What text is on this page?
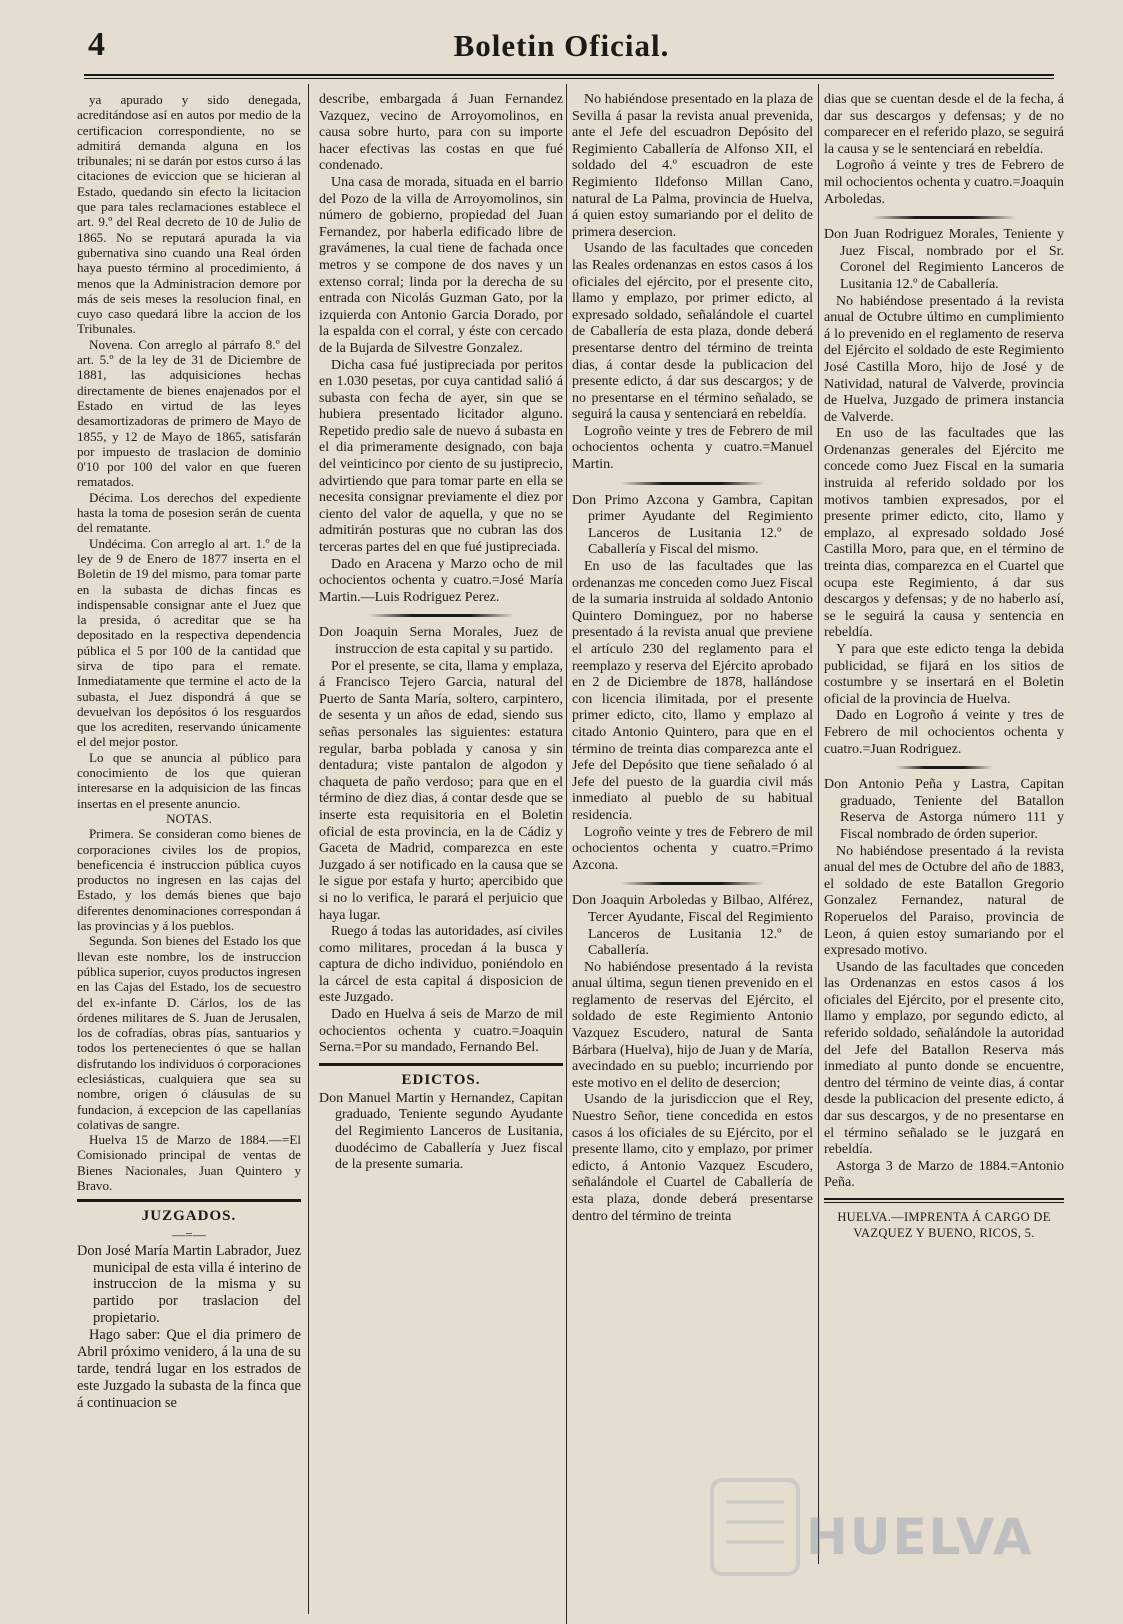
4	Boletin Oficial.

ya apurado y sido denegada, acreditándose así en autos por medio de la certificacion correspondiente, no se admitirá demanda alguna en los tribunales; ni se darán por estos curso á las citaciones de eviccion que se hicieran al Estado, quedando sin efecto la licitacion que para tales reclamaciones establece el art. 9.º del Real decreto de 10 de Julio de 1865. No se reputará apurada la via gubernativa sino cuando una Real órden haya puesto término al procedimiento, á menos que la Administracion demore por más de seis meses la resolucion final, en cuyo caso quedará libre la accion de los Tribunales.

Novena. Con arreglo al párrafo 8.º del art. 5.º de la ley de 31 de Diciembre de 1881, las adquisiciones hechas directamente de bienes enajenados por el Estado en virtud de las leyes desamortizadoras de primero de Mayo de 1855, y 12 de Mayo de 1865, satisfarán por impuesto de traslacion de dominio 0'10 por 100 del valor en que fueren rematados.

Décima. Los derechos del expediente hasta la toma de posesion serán de cuenta del rematante.

Undécima. Con arreglo al art. 1.º de la ley de 9 de Enero de 1877 inserta en el Boletin de 19 del mismo, para tomar parte en la subasta de dichas fincas es indispensable consignar ante el Juez que la presida, ó acreditar que se ha depositado en la respectiva dependencia pública el 5 por 100 de la cantidad que sirva de tipo para el remate. Inmediatamente que termine el acto de la subasta, el Juez dispondrá á que se devuelvan los depósitos ó los resguardos que los acrediten, reservando únicamente el del mejor postor.

Lo que se anuncia al público para conocimiento de los que quieran interesarse en la adquisicion de las fincas insertas en el presente anuncio.

NOTAS.

Primera. Se consideran como bienes de corporaciones civiles los de propios, beneficencia é instruccion pública cuyos productos no ingresen en las cajas del Estado, y los demás bienes que bajo diferentes denominaciones correspondan á las provincias y á los pueblos.

Segunda. Son bienes del Estado los que llevan este nombre, los de instruccion pública superior, cuyos productos ingresen en las Cajas del Estado, los de secuestro del ex-infante D. Cárlos, los de las órdenes militares de S. Juan de Jerusalen, los de cofradías, obras pías, santuarios y todos los pertenecientes ó que se hallan disfrutando los individuos ó corporaciones eclesiásticas, cualquiera que sea su nombre, origen ó cláusulas de su fundacion, á excepcion de las capellanías colativas de sangre.

Huelva 15 de Marzo de 1884.—=El Comisionado principal de ventas de Bienes Nacionales, Juan Quintero y Bravo.

JUZGADOS.

—=—

Don José María Martin Labrador, Juez municipal de esta villa é interino de instruccion de la misma y su partido por traslacion del propietario.

Hago saber: Que el dia primero de Abril próximo venidero, á la una de su tarde, tendrá lugar en los estrados de este Juzgado la subasta de la finca que á continuacion se

describe, embargada á Juan Fernandez Vazquez, vecino de Arroyomolinos, en causa sobre hurto, para con su importe hacer efectivas las costas en que fué condenado.

Una casa de morada, situada en el barrio del Pozo de la villa de Arroyomolinos, sin número de gobierno, propiedad del Juan Fernandez, por haberla edificado libre de gravámenes, la cual tiene de fachada once metros y se compone de dos naves y un extenso corral; linda por la derecha de su entrada con Nicolás Guzman Gato, por la izquierda con Antonio Garcia Dorado, por la espalda con el corral, y éste con cercado de la Bujarda de Silvestre Gonzalez.

Dicha casa fué justipreciada por peritos en 1.030 pesetas, por cuya cantidad salió á subasta con fecha de ayer, sin que se hubiera presentado licitador alguno. Repetido predio sale de nuevo á subasta en el dia primeramente designado, con baja del veinticinco por ciento de su justiprecio, advirtiendo que para tomar parte en ella se necesita consignar previamente el diez por ciento del valor de aquella, y que no se admitirán posturas que no cubran las dos terceras partes del en que fué justipreciada.

Dado en Aracena y Marzo ocho de mil ochocientos ochenta y cuatro.=José María Martin.—Luis Rodriguez Perez.

Don Joaquin Serna Morales, Juez de instruccion de esta capital y su partido.

Por el presente, se cita, llama y emplaza, á Francisco Tejero Garcia, natural del Puerto de Santa María, soltero, carpintero, de sesenta y un años de edad, siendo sus señas personales las siguientes: estatura regular, barba poblada y canosa y sin dentadura; viste pantalon de algodon y chaqueta de paño verdoso; para que en el término de diez dias, á contar desde que se inserte esta requisitoria en el Boletin oficial de esta provincia, en la de Cádiz y Gaceta de Madrid, comparezca en este Juzgado á ser notificado en la causa que se le sigue por estafa y hurto; apercibido que si no lo verifica, le parará el perjuicio que haya lugar.

Ruego á todas las autoridades, así civiles como militares, procedan á la busca y captura de dicho individuo, poniéndolo en la cárcel de esta capital á disposicion de este Juzgado.

Dado en Huelva á seis de Marzo de mil ochocientos ochenta y cuatro.=Joaquin Serna.=Por su mandado, Fernando Bel.

EDICTOS.

Don Manuel Martin y Hernandez, Capitan graduado, Teniente segundo Ayudante del Regimiento Lanceros de Lusitania, duodécimo de Caballería y Juez fiscal de la presente sumaria.

No habiéndose presentado en la plaza de Sevilla á pasar la revista anual prevenida, ante el Jefe del escuadron Depósito del Regimiento Caballería de Alfonso XII, el soldado del 4.º escuadron de este Regimiento Ildefonso Millan Cano, natural de La Palma, provincia de Huelva, á quien estoy sumariando por el delito de primera desercion.

Usando de las facultades que conceden las Reales ordenanzas en estos casos á los oficiales del ejército, por el presente cito, llamo y emplazo, por primer edicto, al expresado soldado, señalándole el cuartel de Caballería de esta plaza, donde deberá presentarse dentro del término de treinta dias, á contar desde la publicacion del presente edicto, á dar sus descargos; y de no presentarse en el término señalado, se seguirá la causa y sentenciará en rebeldía.

Logroño veinte y tres de Febrero de mil ochocientos ochenta y cuatro.=Manuel Martin.

Don Primo Azcona y Gambra, Capitan primer Ayudante del Regimiento Lanceros de Lusitania 12.º de Caballería y Fiscal del mismo.

En uso de las facultades que las ordenanzas me conceden como Juez Fiscal de la sumaria instruida al soldado Antonio Quintero Dominguez, por no haberse presentado á la revista anual que previene el artículo 230 del reglamento para el reemplazo y reserva del Ejército aprobado en 2 de Diciembre de 1878, hallándose con licencia ilimitada, por el presente primer edicto, cito, llamo y emplazo al citado Antonio Quintero, para que en el término de treinta dias comparezca ante el Jefe del Depósito que tiene señalado ó al Jefe del puesto de la guardia civil más inmediato al pueblo de su habitual residencia.

Logroño veinte y tres de Febrero de mil ochocientos ochenta y cuatro.=Primo Azcona.

Don Joaquin Arboledas y Bilbao, Alférez, Tercer Ayudante, Fiscal del Regimiento Lanceros de Lusitania 12.º de Caballería.

No habiéndose presentado á la revista anual última, segun tienen prevenido en el reglamento de reservas del Ejército, el soldado de este Regimiento Antonio Vazquez Escudero, natural de Santa Bárbara (Huelva), hijo de Juan y de María, avecindado en su pueblo; incurriendo por este motivo en el delito de desercion;

Usando de la jurisdiccion que el Rey, Nuestro Señor, tiene concedida en estos casos á los oficiales de su Ejército, por el presente llamo, cito y emplazo, por primer edicto, á Antonio Vazquez Escudero, señalándole el Cuartel de Caballería de esta plaza, donde deberá presentarse dentro del término de treinta

dias que se cuentan desde el de la fecha, á dar sus descargos y defensas; y de no comparecer en el referido plazo, se seguirá la causa y se le sentenciará en rebeldía.

Logroño á veinte y tres de Febrero de mil ochocientos ochenta y cuatro.=Joaquin Arboledas.

Don Juan Rodriguez Morales, Teniente y Juez Fiscal, nombrado por el Sr. Coronel del Regimiento Lanceros de Lusitania 12.º de Caballería.

No habiéndose presentado á la revista anual de Octubre último en cumplimiento á lo prevenido en el reglamento de reserva del Ejército el soldado de este Regimiento José Castilla Moro, hijo de José y de Natividad, natural de Valverde, provincia de Huelva, Juzgado de primera instancia de Valverde.

En uso de las facultades que las Ordenanzas generales del Ejército me concede como Juez Fiscal en la sumaria instruida al referido soldado por los motivos tambien expresados, por el presente primer edicto, cito, llamo y emplazo, al expresado soldado José Castilla Moro, para que, en el término de treinta dias, comparezca en el Cuartel que ocupa este Regimiento, á dar sus descargos y defensas; y de no haberlo así, se le seguirá la causa y sentencia en rebeldía.

Y para que este edicto tenga la debida publicidad, se fijará en los sitios de costumbre y se insertará en el Boletin oficial de la provincia de Huelva.

Dado en Logroño á veinte y tres de Febrero de mil ochocientos ochenta y cuatro.=Juan Rodriguez.

Don Antonio Peña y Lastra, Capitan graduado, Teniente del Batallon Reserva de Astorga número 111 y Fiscal nombrado de órden superior.

No habiéndose presentado á la revista anual del mes de Octubre del año de 1883, el soldado de este Batallon Gregorio Gonzalez Fernandez, natural de Roperuelos del Paraiso, provincia de Leon, á quien estoy sumariando por el expresado motivo.

Usando de las facultades que conceden las Ordenanzas en estos casos á los oficiales del Ejército, por el presente cito, llamo y emplazo, por segundo edicto, al referido soldado, señalándole la autoridad del Jefe del Batallon Reserva más inmediato al punto donde se encuentre, dentro del término de veinte dias, á contar desde la publicacion del presente edicto, á dar sus descargos, y de no presentarse en el término señalado se le juzgará en rebeldía.

Astorga 3 de Marzo de 1884.=Antonio Peña.

HUELVA.—IMPRENTA Á CARGO DE
VAZQUEZ Y BUENO, RICOS, 5.
HUELVA
